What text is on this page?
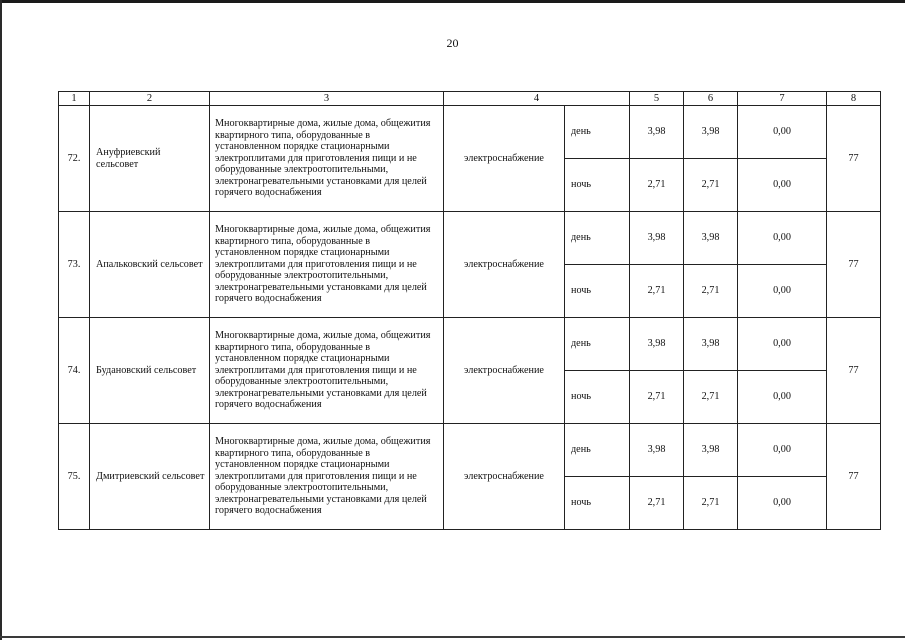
20
1	2	3	4		5	6	7	8
72.	Ануфриевский сельсовет	Многоквартирные дома, жилые дома, общежития квартирного типа, оборудованные в установленном порядке стационарными электроплитами для приготовления пищи и не оборудованные электроотопительными, электронагревательными установками для целей горячего водоснабжения	электроснабжение	день	3,98	3,98	0,00	77
				ночь	2,71	2,71	0,00	
73.	Апальковский сельсовет	Многоквартирные дома, жилые дома, общежития квартирного типа, оборудованные в установленном порядке стационарными электроплитами для приготовления пищи и не оборудованные электроотопительными, электронагревательными установками для целей горячего водоснабжения	электроснабжение	день	3,98	3,98	0,00	77
				ночь	2,71	2,71	0,00	
74.	Будановский сельсовет	Многоквартирные дома, жилые дома, общежития квартирного типа, оборудованные в установленном порядке стационарными электроплитами для приготовления пищи и не оборудованные электроотопительными, электронагревательными установками для целей горячего водоснабжения	электроснабжение	день	3,98	3,98	0,00	77
				ночь	2,71	2,71	0,00	
75.	Дмитриевский сельсовет	Многоквартирные дома, жилые дома, общежития квартирного типа, оборудованные в установленном порядке стационарными электроплитами для приготовления пищи и не оборудованные электроотопительными, электронагревательными установками для целей горячего водоснабжения	электроснабжение	день	3,98	3,98	0,00	77
				ночь	2,71	2,71	0,00	
